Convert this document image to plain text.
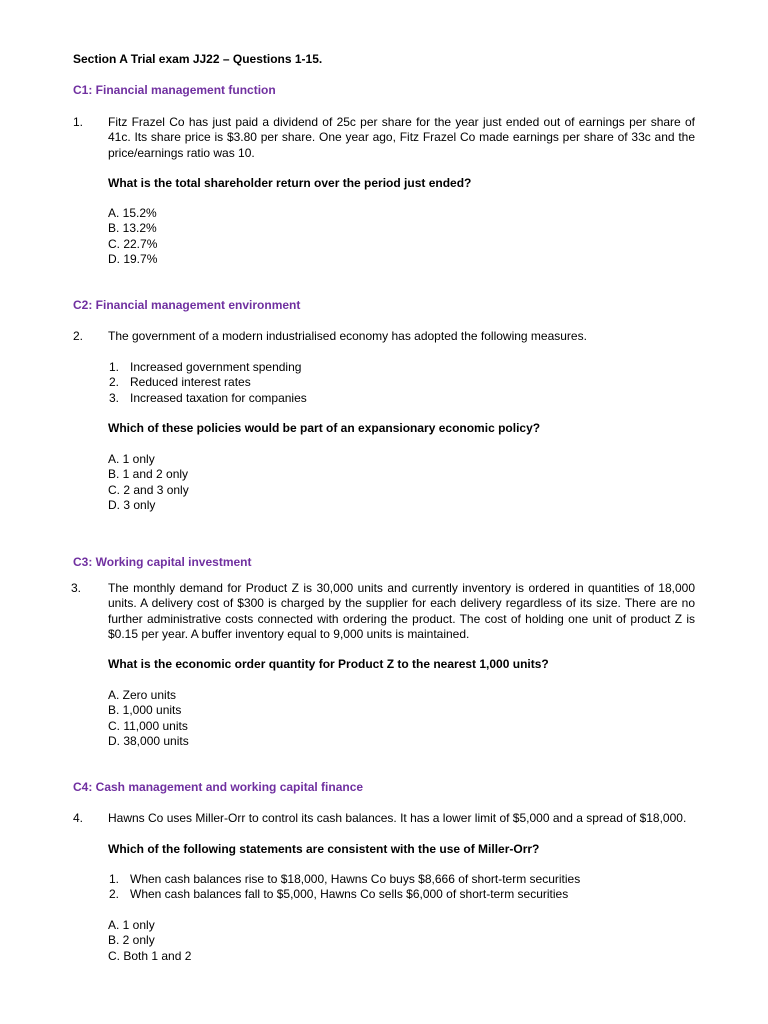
Section A Trial exam JJ22 – Questions 1-15.
C1: Financial management function
1. Fitz Frazel Co has just paid a dividend of 25c per share for the year just ended out of earnings per share of 41c. Its share price is $3.80 per share. One year ago, Fitz Frazel Co made earnings per share of 33c and the price/earnings ratio was 10.
What is the total shareholder return over the period just ended?
A. 15.2%
B. 13.2%
C. 22.7%
D. 19.7%
C2: Financial management environment
2. The government of a modern industrialised economy has adopted the following measures.
1. Increased government spending
2. Reduced interest rates
3. Increased taxation for companies
Which of these policies would be part of an expansionary economic policy?
A. 1 only
B. 1 and 2 only
C. 2 and 3 only
D. 3 only
C3: Working capital investment
3. The monthly demand for Product Z is 30,000 units and currently inventory is ordered in quantities of 18,000 units. A delivery cost of $300 is charged by the supplier for each delivery regardless of its size. There are no further administrative costs connected with ordering the product. The cost of holding one unit of product Z is $0.15 per year. A buffer inventory equal to 9,000 units is maintained.
What is the economic order quantity for Product Z to the nearest 1,000 units?
A. Zero units
B. 1,000 units
C. 11,000 units
D. 38,000 units
C4: Cash management and working capital finance
4. Hawns Co uses Miller-Orr to control its cash balances. It has a lower limit of $5,000 and a spread of $18,000.
Which of the following statements are consistent with the use of Miller-Orr?
1. When cash balances rise to $18,000, Hawns Co buys $8,666 of short-term securities
2. When cash balances fall to $5,000, Hawns Co sells $6,000 of short-term securities
A. 1 only
B. 2 only
C. Both 1 and 2
